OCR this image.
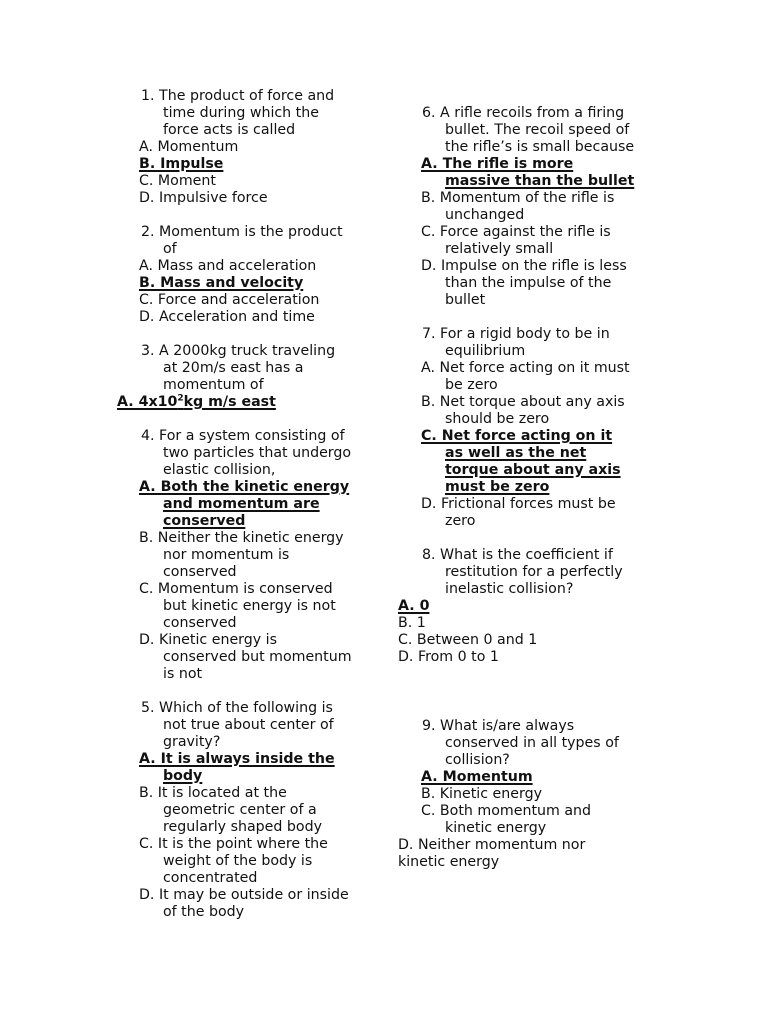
1. The product of force and
time during which the
force acts is called
A. Momentum
B. Impulse
C. Moment
D. Impulsive force
2. Momentum is the product
of
A. Mass and acceleration
B. Mass and velocity
C. Force and acceleration
D. Acceleration and time
3. A 2000kg truck traveling
at 20m/s east has a
momentum of
A. $4x10^2kg$ m/s east
4. For a system consisting of
two particles that undergo
elastic collision,
A. Both the kinetic energy
and momentum are
conserved
B. Neither the kinetic energy
nor momentum is
conserved
C. Momentum is conserved
but kinetic energy is not
conserved
D. Kinetic energy is
conserved but momentum
is not
5. Which of the following is
not true about center of
gravity?
A. It is always inside the
body
B. It is located at the
geometric center of a
regularly shaped body
C. It is the point where the
weight of the body is
concentrated
D. It may be outside or inside
of the body
6. A rifle recoils from a firing
bullet. The recoil speed of
the rifle’s is small because
A. The rifle is more
massive than the bullet
B. Momentum of the rifle is
unchanged
C. Force against the rifle is
relatively small
D. Impulse on the rifle is less
than the impulse of the
bullet
7. For a rigid body to be in
equilibrium
A. Net force acting on it must
be zero
B. Net torque about any axis
should be zero
C. Net force acting on it
as well as the net
torque about any axis
must be zero
D. Frictional forces must be
zero
8. What is the coefficient if
restitution for a perfectly
inelastic collision?
A. 0
B. 1
C. Between 0 and 1
D. From 0 to 1
9. What is/are always
conserved in all types of
collision?
A. Momentum
B. Kinetic energy
C. Both momentum and
kinetic energy
D. Neither momentum nor
kinetic energy
